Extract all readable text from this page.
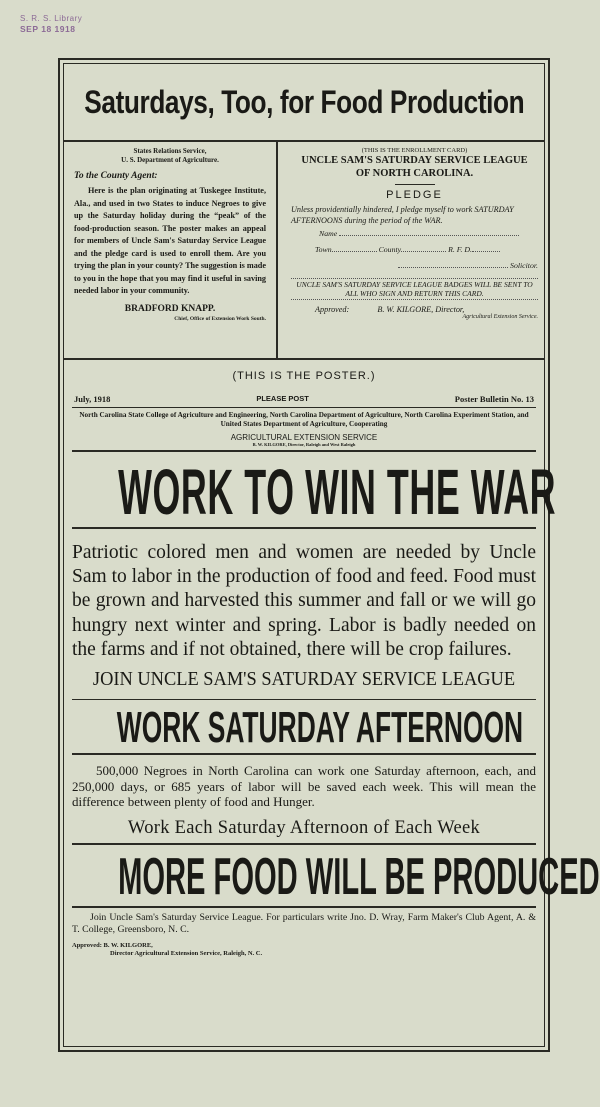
S. R. S. Library
SEP 18 1918
Saturdays, Too, for Food Production
States Relations Service,
U. S. Department of Agriculture.
To the County Agent:
Here is the plan originating at Tuskegee Institute, Ala., and used in two States to induce Negroes to give up the Saturday holiday during the “peak” of the food-production season. The poster makes an appeal for members of Uncle Sam's Saturday Service League and the pledge card is used to enroll them. Are you trying the plan in your county? The suggestion is made to you in the hope that you may find it useful in saving needed labor in your community.
BRADFORD KNAPP.
Chief, Office of Extension Work South.
(THIS IS THE ENROLLMENT CARD)
UNCLE SAM'S SATURDAY SERVICE LEAGUE
OF NORTH CAROLINA.
PLEDGE
Unless providentially hindered, I pledge myself to work SATURDAY AFTERNOONS during the period of the WAR.
Name
Town	County	R. F. D.
Solicitor.
UNCLE SAM'S SATURDAY SERVICE LEAGUE BADGES WILL BE SENT TO ALL WHO SIGN AND RETURN THIS CARD.
Approved:	B. W. KILGORE, Director,
Agricultural Extension Service.
(THIS IS THE POSTER.)
July, 1918	PLEASE POST	Poster Bulletin No. 13
North Carolina State College of Agriculture and Engineering, North Carolina Department of Agriculture, North Carolina Experiment Station, and United States Department of Agriculture, Cooperating
AGRICULTURAL EXTENSION SERVICE
B. W. KILGORE, Director, Raleigh and West Raleigh
WORK TO WIN THE WAR
Patriotic colored men and women are needed by Uncle Sam to labor in the production of food and feed. Food must be grown and harvested this summer and fall or we will go hungry next winter and spring. Labor is badly needed on the farms and if not obtained, there will be crop failures.
JOIN UNCLE SAM'S SATURDAY SERVICE LEAGUE
WORK SATURDAY AFTERNOON
500,000 Negroes in North Carolina can work one Saturday afternoon, each, and 250,000 days, or 685 years of labor will be saved each week. This will mean the difference between plenty of food and Hunger.
Work Each Saturday Afternoon of Each Week
MORE FOOD WILL BE PRODUCED
Join Uncle Sam's Saturday Service League. For particulars write Jno. D. Wray, Farm Maker's Club Agent, A. & T. College, Greensboro, N. C.
Approved: B. W. KILGORE,
Director Agricultural Extension Service, Raleigh, N. C.
